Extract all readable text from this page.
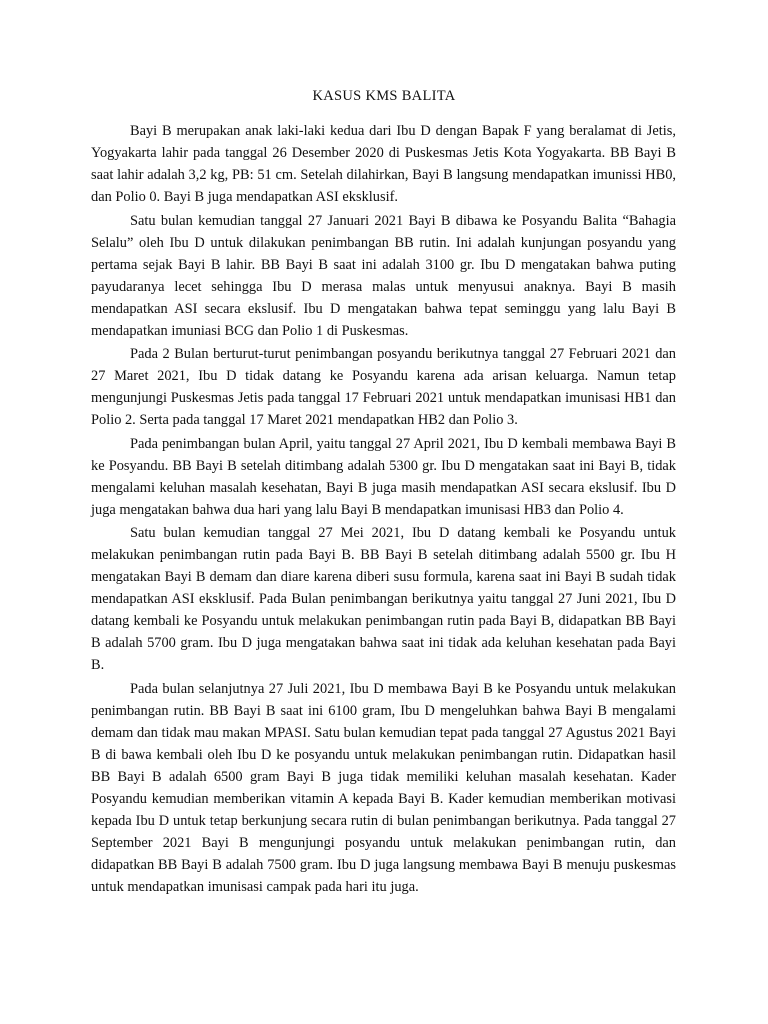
KASUS KMS BALITA

Bayi B merupakan anak laki-laki kedua dari Ibu D dengan Bapak F yang beralamat di Jetis, Yogyakarta lahir pada tanggal 26 Desember 2020 di Puskesmas Jetis Kota Yogyakarta. BB Bayi B saat lahir adalah 3,2 kg, PB: 51 cm. Setelah dilahirkan, Bayi B langsung mendapatkan imunissi HB0, dan Polio 0. Bayi B juga mendapatkan ASI eksklusif.

Satu bulan kemudian tanggal 27 Januari 2021 Bayi B dibawa ke Posyandu Balita “Bahagia Selalu” oleh Ibu D untuk dilakukan penimbangan BB rutin. Ini adalah kunjungan posyandu yang pertama sejak Bayi B lahir. BB Bayi B saat ini adalah 3100 gr. Ibu D mengatakan bahwa puting payudaranya lecet sehingga Ibu D merasa malas untuk menyusui anaknya. Bayi B masih mendapatkan ASI secara ekslusif. Ibu D mengatakan bahwa tepat seminggu yang lalu Bayi B mendapatkan imuniasi BCG dan Polio 1 di Puskesmas.

Pada 2 Bulan berturut-turut penimbangan posyandu berikutnya tanggal 27 Februari 2021 dan 27 Maret 2021, Ibu D tidak datang ke Posyandu karena ada arisan keluarga. Namun tetap mengunjungi Puskesmas Jetis pada tanggal 17 Februari 2021 untuk mendapatkan imunisasi HB1 dan Polio 2. Serta pada tanggal 17 Maret 2021 mendapatkan HB2 dan Polio 3.

Pada penimbangan bulan April, yaitu tanggal 27 April 2021, Ibu D kembali membawa Bayi B ke Posyandu. BB Bayi B setelah ditimbang adalah 5300 gr. Ibu D mengatakan saat ini Bayi B, tidak mengalami keluhan masalah kesehatan, Bayi B juga masih mendapatkan ASI secara ekslusif. Ibu D juga mengatakan bahwa dua hari yang lalu Bayi B mendapatkan imunisasi HB3 dan Polio 4.

Satu bulan kemudian tanggal 27 Mei 2021, Ibu D datang kembali ke Posyandu untuk melakukan penimbangan rutin pada Bayi B. BB Bayi B setelah ditimbang adalah 5500 gr. Ibu H mengatakan Bayi B demam dan diare karena diberi susu formula, karena saat ini Bayi B sudah tidak mendapatkan ASI eksklusif. Pada Bulan penimbangan berikutnya yaitu tanggal 27 Juni 2021, Ibu D datang kembali ke Posyandu untuk melakukan penimbangan rutin pada Bayi B, didapatkan BB Bayi B adalah 5700 gram. Ibu D juga mengatakan bahwa saat ini tidak ada keluhan kesehatan pada Bayi B.

Pada bulan selanjutnya 27 Juli 2021, Ibu D membawa Bayi B ke Posyandu untuk melakukan penimbangan rutin. BB Bayi B saat ini 6100 gram, Ibu D mengeluhkan bahwa Bayi B mengalami demam dan tidak mau makan MPASI. Satu bulan kemudian tepat pada tanggal 27 Agustus 2021 Bayi B di bawa kembali oleh Ibu D ke posyandu untuk melakukan penimbangan rutin. Didapatkan hasil BB Bayi B adalah 6500 gram Bayi B juga tidak memiliki keluhan masalah kesehatan. Kader Posyandu kemudian memberikan vitamin A kepada Bayi B. Kader kemudian memberikan motivasi kepada Ibu D untuk tetap berkunjung secara rutin di bulan penimbangan berikutnya. Pada tanggal 27 September 2021 Bayi B mengunjungi posyandu untuk melakukan penimbangan rutin, dan didapatkan BB Bayi B adalah 7500 gram. Ibu D juga langsung membawa Bayi B menuju puskesmas untuk mendapatkan imunisasi campak pada hari itu juga.
